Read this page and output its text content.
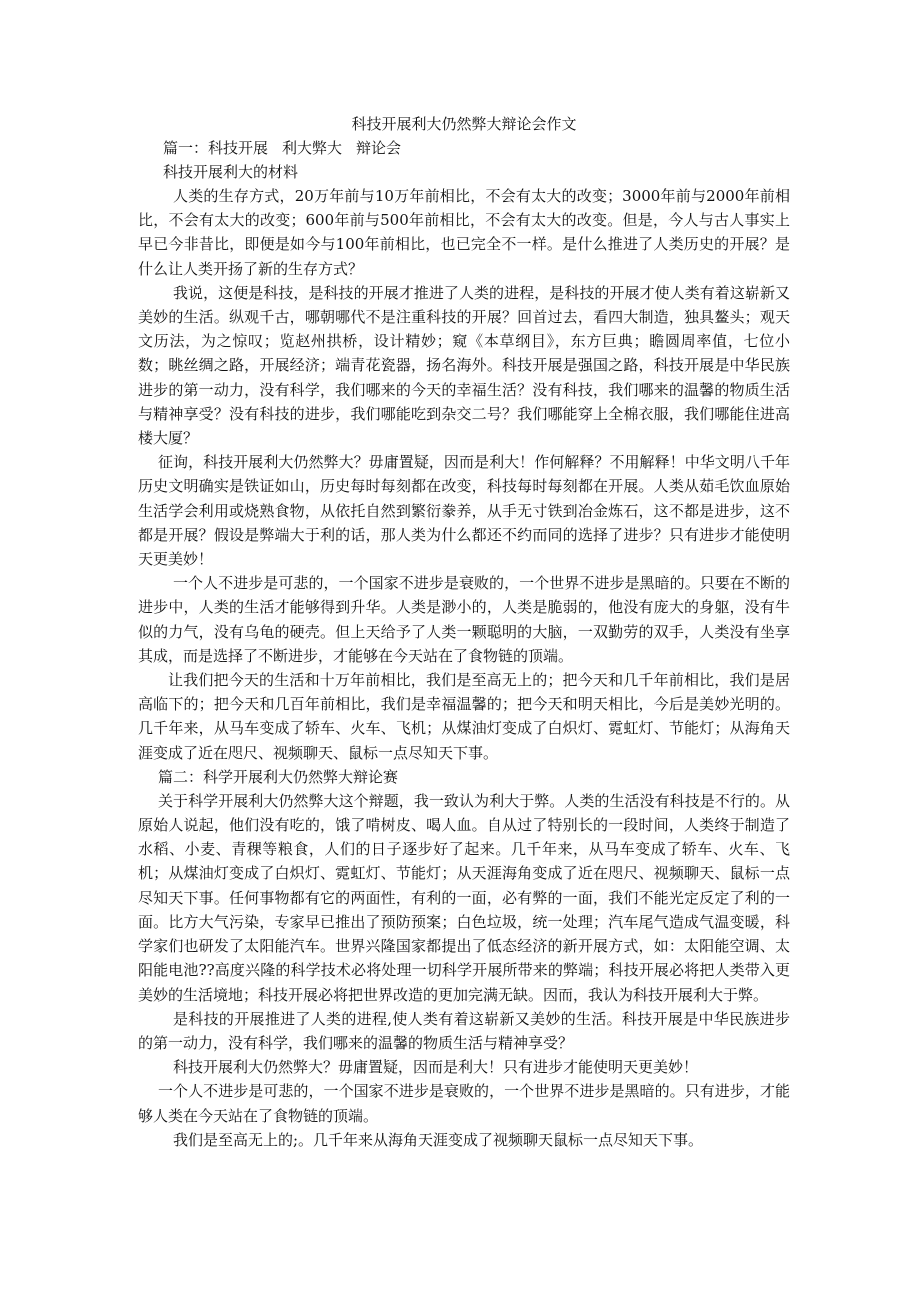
科技开展利大仍然弊大辩论会作文

篇一：科技开展 利大弊大 辩论会

科技开展利大的材料

人类的生存方式，20万年前与10万年前相比，不会有太大的改变；3000年前与2000年前相比，不会有太大的改变；600年前与500年前相比，不会有太大的改变。但是，今人与古人事实上早已今非昔比，即便是如今与100年前相比，也已完全不一样。是什么推进了人类历史的开展？是什么让人类开扬了新的生存方式？

我说，这便是科技，是科技的开展才推进了人类的进程，是科技的开展才使人类有着这崭新又美妙的生活。纵观千古，哪朝哪代不是注重科技的开展？回首过去，看四大制造，独具鳌头；观天文历法，为之惊叹；览赵州拱桥，设计精妙；窥《本草纲目》，东方巨典；瞻圆周率值，七位小数；眺丝绸之路，开展经济；端青花瓷器，扬名海外。科技开展是强国之路，科技开展是中华民族进步的第一动力，没有科学，我们哪来的今天的幸福生活？没有科技，我们哪来的温馨的物质生活与精神享受？没有科技的进步，我们哪能吃到杂交二号？我们哪能穿上全棉衣服，我们哪能住进高楼大厦？

征询，科技开展利大仍然弊大？毋庸置疑，因而是利大！作何解释？不用解释！中华文明八千年历史文明确实是铁证如山，历史每时每刻都在改变，科技每时每刻都在开展。人类从茹毛饮血原始生活学会利用或烧熟食物，从依托自然到繁衍豢养，从手无寸铁到冶金炼石，这不都是进步，这不都是开展？假设是弊端大于利的话，那人类为什么都还不约而同的选择了进步？只有进步才能使明天更美妙！

一个人不进步是可悲的，一个国家不进步是衰败的，一个世界不进步是黑暗的。只要在不断的进步中，人类的生活才能够得到升华。人类是渺小的，人类是脆弱的，他没有庞大的身躯，没有牛似的力气，没有乌龟的硬壳。但上天给予了人类一颗聪明的大脑，一双勤劳的双手，人类没有坐享其成，而是选择了不断进步，才能够在今天站在了食物链的顶端。

让我们把今天的生活和十万年前相比，我们是至高无上的；把今天和几千年前相比，我们是居高临下的；把今天和几百年前相比，我们是幸福温馨的；把今天和明天相比，今后是美妙光明的。几千年来，从马车变成了轿车、火车、飞机；从煤油灯变成了白炽灯、霓虹灯、节能灯；从海角天涯变成了近在咫尺、视频聊天、鼠标一点尽知天下事。

篇二：科学开展利大仍然弊大辩论赛

关于科学开展利大仍然弊大这个辩题，我一致认为利大于弊。人类的生活没有科技是不行的。从原始人说起，他们没有吃的，饿了啃树皮、喝人血。自从过了特别长的一段时间，人类终于制造了水稻、小麦、青稞等粮食，人们的日子逐步好了起来。几千年来，从马车变成了轿车、火车、飞机；从煤油灯变成了白炽灯、霓虹灯、节能灯；从天涯海角变成了近在咫尺、视频聊天、鼠标一点尽知天下事。任何事物都有它的两面性，有利的一面，必有弊的一面，我们不能光定反定了利的一面。比方大气污染，专家早已推出了预防预案；白色垃圾，统一处理；汽车尾气造成气温变暖，科学家们也研发了太阳能汽车。世界兴隆国家都提出了低态经济的新开展方式，如：太阳能空调、太阳能电池??高度兴隆的科学技术必将处理一切科学开展所带来的弊端；科技开展必将把人类带入更美妙的生活境地；科技开展必将把世界改造的更加完满无缺。因而，我认为科技开展利大于弊。

是科技的开展推进了人类的进程,使人类有着这崭新又美妙的生活。科技开展是中华民族进步的第一动力，没有科学，我们哪来的温馨的物质生活与精神享受？

科技开展利大仍然弊大？毋庸置疑，因而是利大！只有进步才能使明天更美妙！

一个人不进步是可悲的，一个国家不进步是衰败的，一个世界不进步是黑暗的。只有进步，才能够人类在今天站在了食物链的顶端。

我们是至高无上的;。几千年来从海角天涯变成了视频聊天鼠标一点尽知天下事。
